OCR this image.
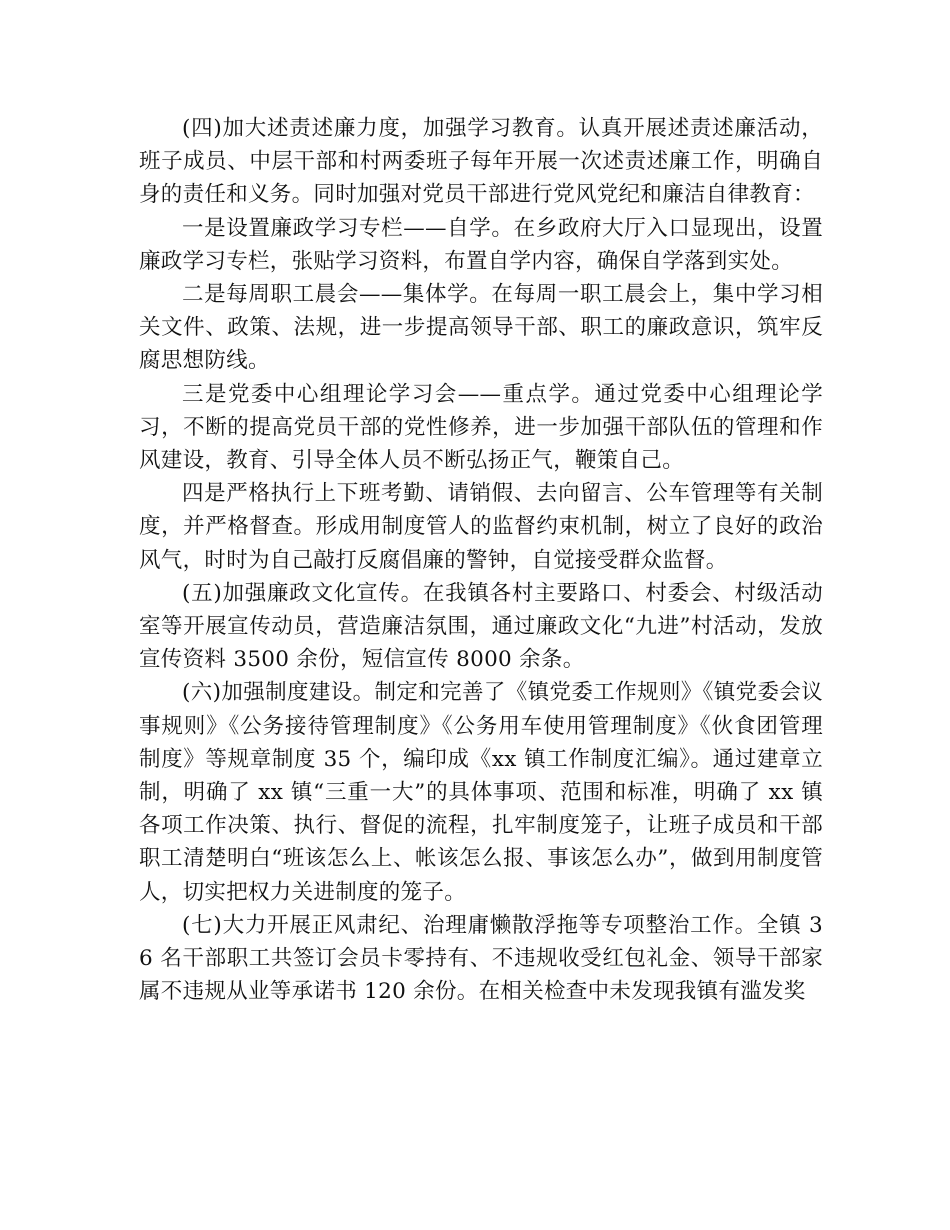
(四)加大述责述廉力度，加强学习教育。认真开展述责述廉活动，班子成员、中层干部和村两委班子每年开展一次述责述廉工作，明确自身的责任和义务。同时加强对党员干部进行党风党纪和廉洁自律教育：

一是设置廉政学习专栏——自学。在乡政府大厅入口显现出，设置廉政学习专栏，张贴学习资料，布置自学内容，确保自学落到实处。

二是每周职工晨会——集体学。在每周一职工晨会上，集中学习相关文件、政策、法规，进一步提高领导干部、职工的廉政意识，筑牢反腐思想防线。

三是党委中心组理论学习会——重点学。通过党委中心组理论学习，不断的提高党员干部的党性修养，进一步加强干部队伍的管理和作风建设，教育、引导全体人员不断弘扬正气，鞭策自己。

四是严格执行上下班考勤、请销假、去向留言、公车管理等有关制度，并严格督查。形成用制度管人的监督约束机制，树立了良好的政治风气，时时为自己敲打反腐倡廉的警钟，自觉接受群众监督。

(五)加强廉政文化宣传。在我镇各村主要路口、村委会、村级活动室等开展宣传动员，营造廉洁氛围，通过廉政文化“九进”村活动，发放宣传资料 3500 余份，短信宣传 8000 余条。

(六)加强制度建设。制定和完善了《镇党委工作规则》《镇党委会议事规则》《公务接待管理制度》《公务用车使用管理制度》《伙食团管理制度》等规章制度 35 个，编印成《xx 镇工作制度汇编》。通过建章立制，明确了 xx 镇“三重一大”的具体事项、范围和标准，明确了 xx 镇各项工作决策、执行、督促的流程，扎牢制度笼子，让班子成员和干部职工清楚明白“班该怎么上、帐该怎么报、事该怎么办”，做到用制度管人，切实把权力关进制度的笼子。

(七)大力开展正风肃纪、治理庸懒散浮拖等专项整治工作。全镇 36 名干部职工共签订会员卡零持有、不违规收受红包礼金、领导干部家属不违规从业等承诺书 120 余份。在相关检查中未发现我镇有滥发奖
